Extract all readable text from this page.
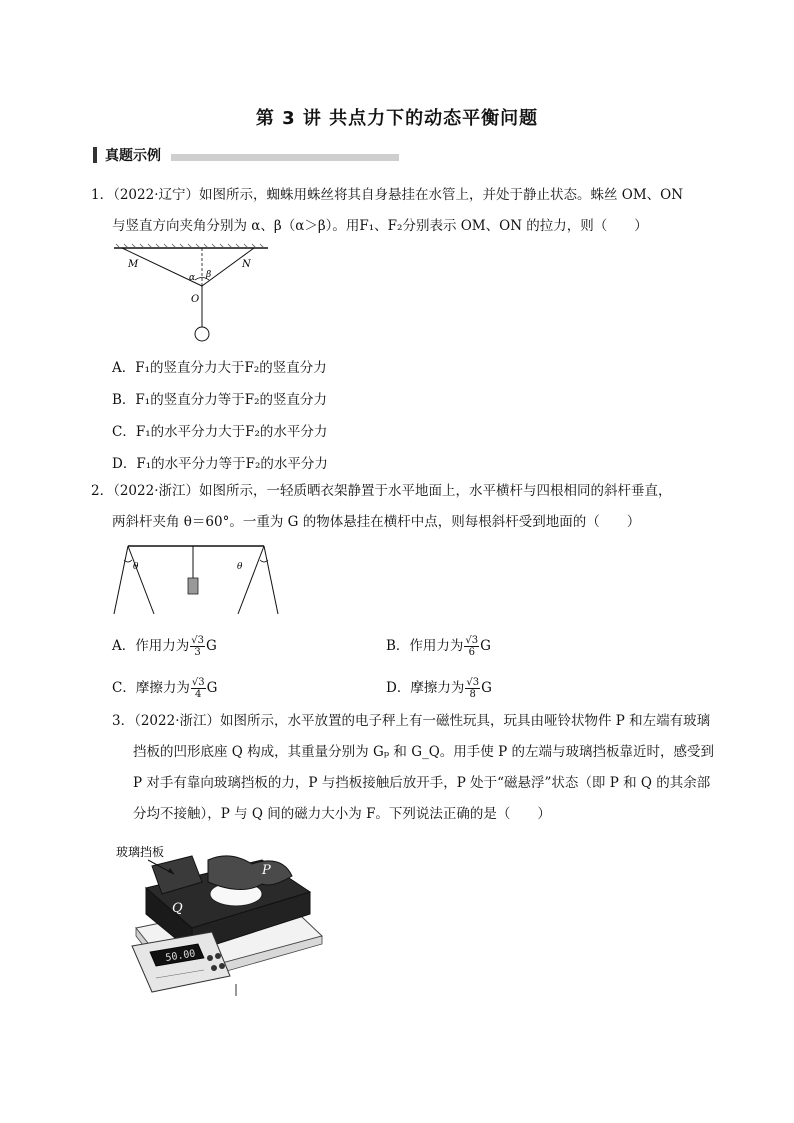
第 3 讲 共点力下的动态平衡问题
真题示例
1．（2022·辽宁）如图所示，蜘蛛用蛛丝将其自身悬挂在水管上，并处于静止状态。蛛丝 OM、ON
与竖直方向夹角分别为 α、β（α＞β）。用F₁、F₂分别表示 OM、ON 的拉力，则（　　）
M	N
α β
O
A．F₁的竖直分力大于F₂的竖直分力
B．F₁的竖直分力等于F₂的竖直分力
C．F₁的水平分力大于F₂的水平分力
D．F₁的水平分力等于F₂的水平分力
2．（2022·浙江）如图所示，一轻质晒衣架静置于水平地面上，水平横杆与四根相同的斜杆垂直，
两斜杆夹角 θ＝60°。一重为 G 的物体悬挂在横杆中点，则每根斜杆受到地面的（　　）
θ	θ
A．作用力为 $\frac{√3}{3}$ G	B．作用力为 $\frac{√3}{6}$ G
C．摩擦力为 $\frac{√3}{4}$ G	D．摩擦力为 $\frac{√3}{8}$ G
3．（2022·浙江）如图所示，水平放置的电子秤上有一磁性玩具，玩具由哑铃状物件 P 和左端有玻璃挡板的凹形底座 Q 构成，其重量分别为 Gₚ 和 G_Q。用手使 P 的左端与玻璃挡板靠近时，感受到 P 对手有靠向玻璃挡板的力，P 与挡板接触后放开手，P 处于“磁悬浮”状态（即 P 和 Q 的其余部分均不接触），P 与 Q 间的磁力大小为 F。下列说法正确的是（　　）
50.00
玻璃挡板
P
Q
